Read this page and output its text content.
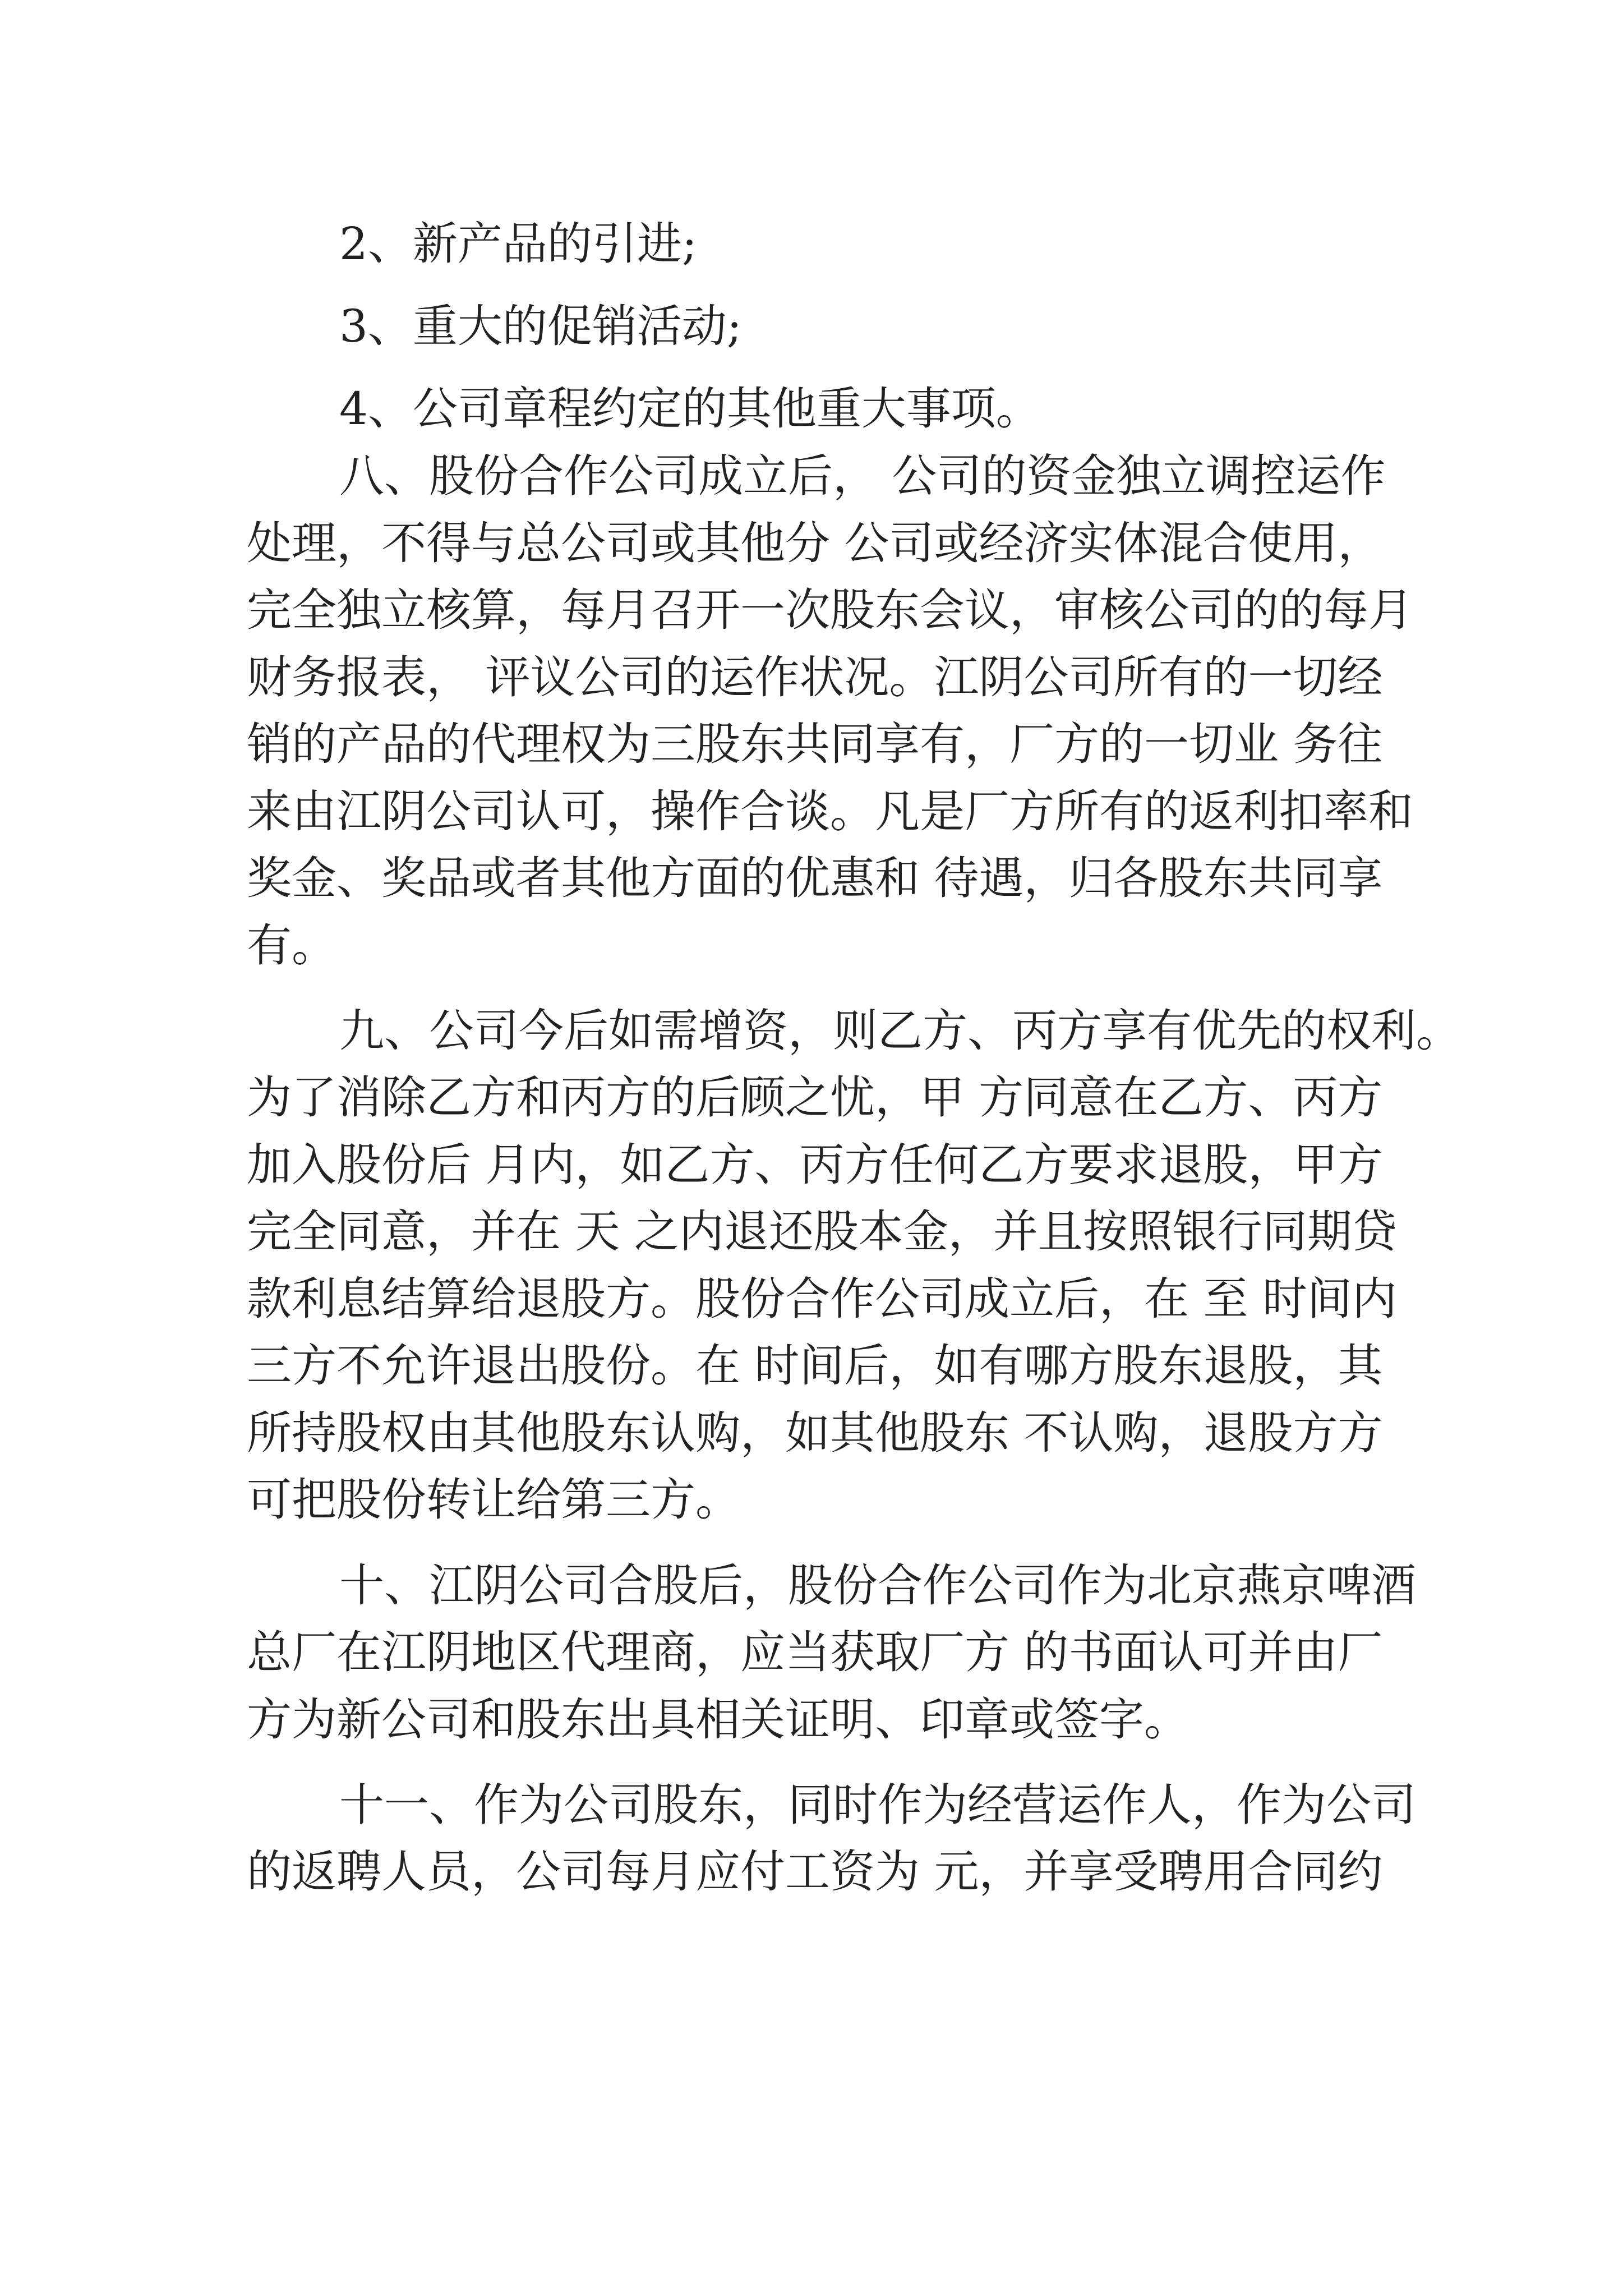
2、新产品的引进;
3、重大的促销活动;
4、公司章程约定的其他重大事项。
八、股份合作公司成立后， 公司的资金独立调控运作
处理，不得与总公司或其他分 公司或经济实体混合使用，
完全独立核算，每月召开一次股东会议，审核公司的的每月
财务报表， 评议公司的运作状况。江阴公司所有的一切经
销的产品的代理权为三股东共同享有，厂方的一切业 务往
来由江阴公司认可，操作合谈。凡是厂方所有的返利扣率和
奖金、奖品或者其他方面的优惠和 待遇，归各股东共同享
有。
九、公司今后如需增资，则乙方、丙方享有优先的权利。
为了消除乙方和丙方的后顾之忧，甲 方同意在乙方、丙方
加入股份后 月内，如乙方、丙方任何乙方要求退股，甲方
完全同意，并在 天 之内退还股本金，并且按照银行同期贷
款利息结算给退股方。股份合作公司成立后，在 至 时间内
三方不允许退出股份。在 时间后，如有哪方股东退股，其
所持股权由其他股东认购，如其他股东 不认购，退股方方
可把股份转让给第三方。
十、江阴公司合股后，股份合作公司作为北京燕京啤酒
总厂在江阴地区代理商，应当获取厂方 的书面认可并由厂
方为新公司和股东出具相关证明、印章或签字。
十一、作为公司股东，同时作为经营运作人，作为公司
的返聘人员，公司每月应付工资为 元，并享受聘用合同约
